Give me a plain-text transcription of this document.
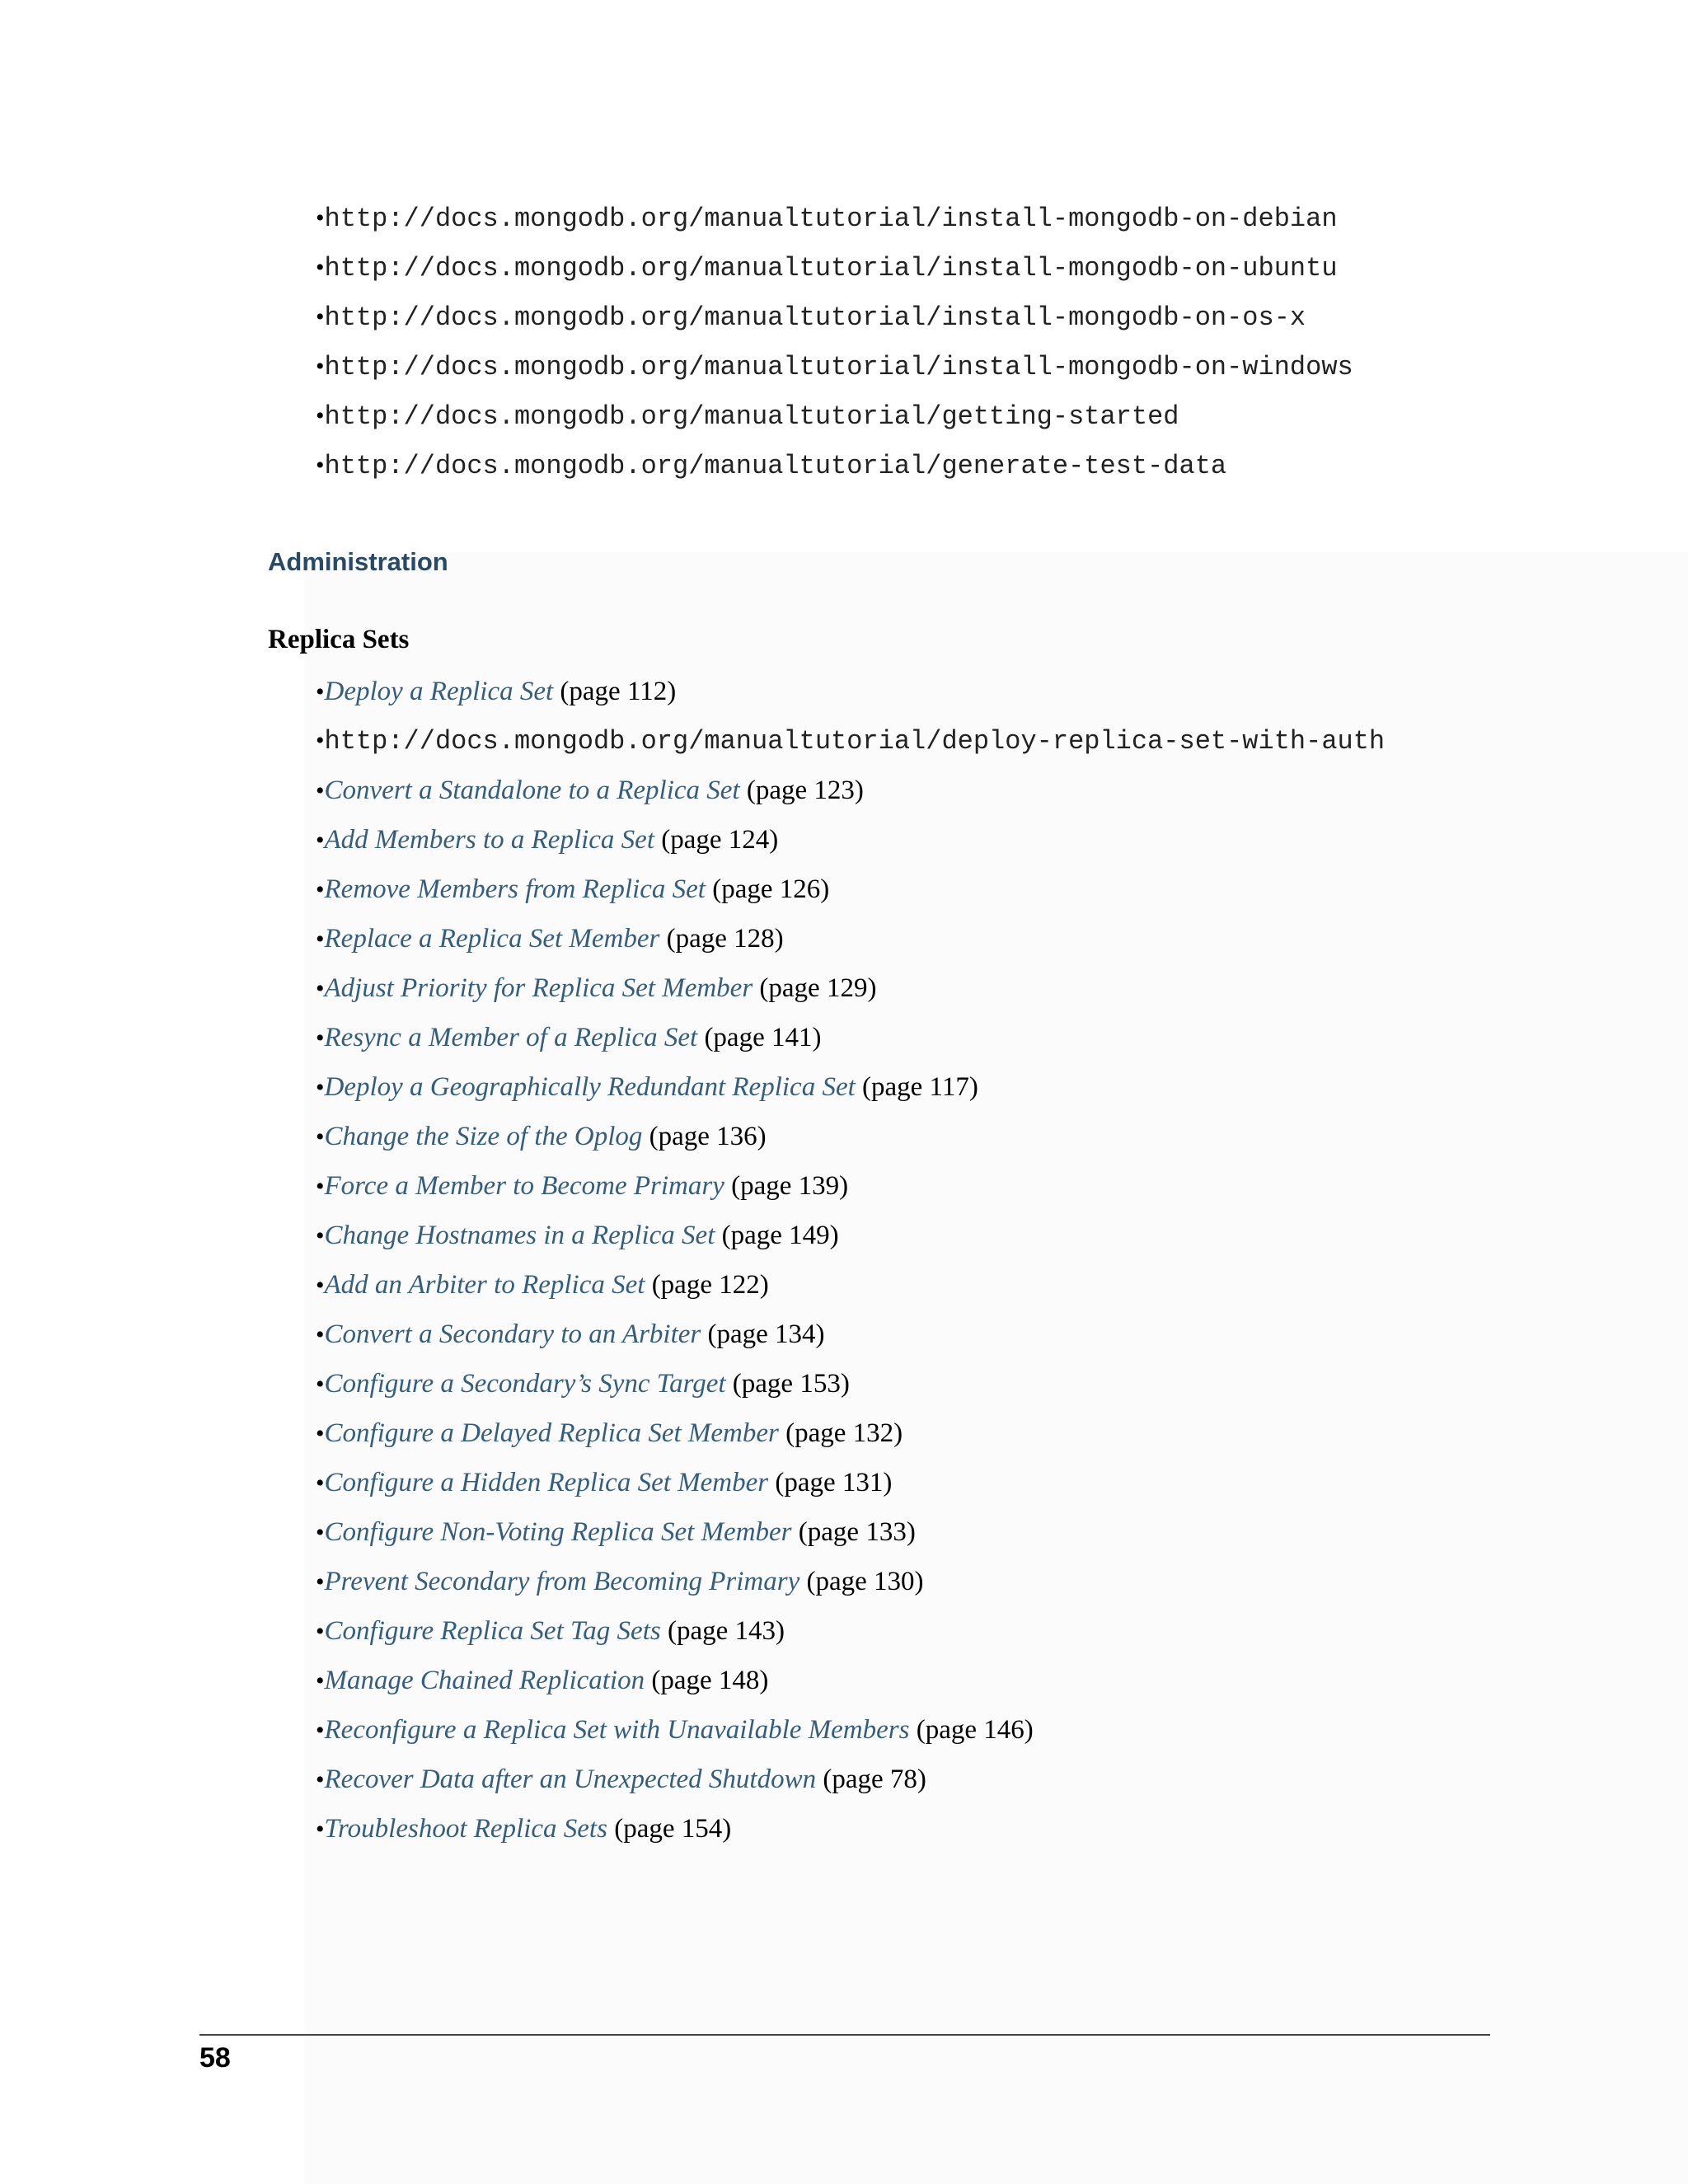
•http://docs.mongodb.org/manualtutorial/install-mongodb-on-debian
•http://docs.mongodb.org/manualtutorial/install-mongodb-on-ubuntu
•http://docs.mongodb.org/manualtutorial/install-mongodb-on-os-x
•http://docs.mongodb.org/manualtutorial/install-mongodb-on-windows
•http://docs.mongodb.org/manualtutorial/getting-started
•http://docs.mongodb.org/manualtutorial/generate-test-data
Administration
Replica Sets
•Deploy a Replica Set (page 112)
•http://docs.mongodb.org/manualtutorial/deploy-replica-set-with-auth
•Convert a Standalone to a Replica Set (page 123)
•Add Members to a Replica Set (page 124)
•Remove Members from Replica Set (page 126)
•Replace a Replica Set Member (page 128)
•Adjust Priority for Replica Set Member (page 129)
•Resync a Member of a Replica Set (page 141)
•Deploy a Geographically Redundant Replica Set (page 117)
•Change the Size of the Oplog (page 136)
•Force a Member to Become Primary (page 139)
•Change Hostnames in a Replica Set (page 149)
•Add an Arbiter to Replica Set (page 122)
•Convert a Secondary to an Arbiter (page 134)
•Configure a Secondary’s Sync Target (page 153)
•Configure a Delayed Replica Set Member (page 132)
•Configure a Hidden Replica Set Member (page 131)
•Configure Non-Voting Replica Set Member (page 133)
•Prevent Secondary from Becoming Primary (page 130)
•Configure Replica Set Tag Sets (page 143)
•Manage Chained Replication (page 148)
•Reconfigure a Replica Set with Unavailable Members (page 146)
•Recover Data after an Unexpected Shutdown (page 78)
•Troubleshoot Replica Sets (page 154)
58
